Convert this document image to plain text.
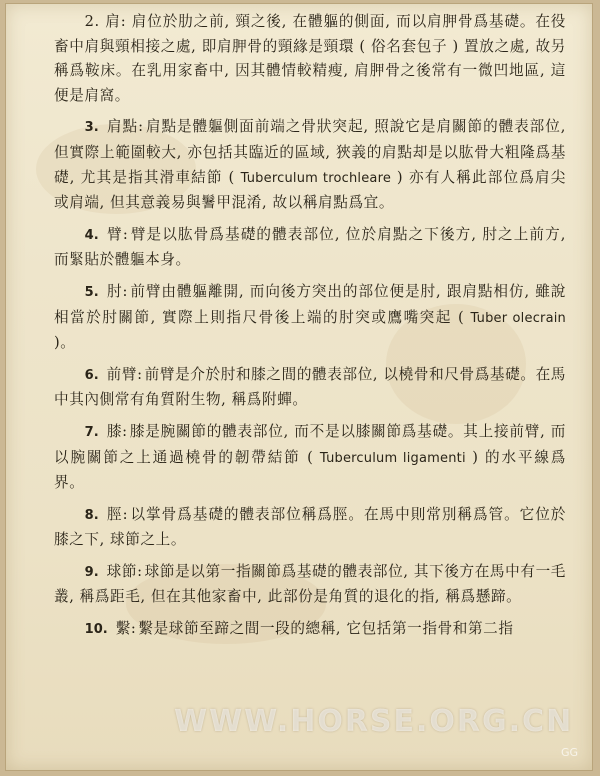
2. 肩: 肩位於肋之前, 頸之後, 在體軀的側面, 而以肩胛骨爲基礎。在役畜中肩與頸相接之處, 即肩胛骨的頸緣是頸環 ( 俗名套包子 ) 置放之處, 故另稱爲鞍床。在乳用家畜中, 因其體情較精瘦, 肩胛骨之後常有一微凹地區, 這便是肩窩。

3. 肩點: 肩點是體軀側面前端之骨狀突起, 照說它是肩關節的體表部位, 但實際上範圍較大, 亦包括其臨近的區域, 狹義的肩點却是以肱骨大粗隆爲基礎, 尤其是指其滑車結節 ( Tuberculum trochleare ) 亦有人稱此部位爲肩尖或肩端, 但其意義易與鬐甲混淆, 故以稱肩點爲宜。

4. 臂: 臂是以肱骨爲基礎的體表部位, 位於肩點之下後方, 肘之上前方, 而緊貼於體軀本身。

5. 肘: 前臂由體軀離開, 而向後方突出的部位便是肘, 跟肩點相仿, 雖說相當於肘關節, 實際上則指尺骨後上端的肘突或鷹嘴突起 ( Tuber olecrain )。

6. 前臂: 前臂是介於肘和膝之間的體表部位, 以橈骨和尺骨爲基礎。在馬中其內側常有角質附生物, 稱爲附蟬。

7. 膝: 膝是腕關節的體表部位, 而不是以膝關節爲基礎。其上接前臂, 而以腕關節之上通過橈骨的韌帶結節 ( Tuberculum ligamenti ) 的水平線爲界。

8. 脛: 以掌骨爲基礎的體表部位稱爲脛。在馬中則常別稱爲管。它位於膝之下, 球節之上。

9. 球節: 球節是以第一指關節爲基礎的體表部位, 其下後方在馬中有一毛叢, 稱爲距毛, 但在其他家畜中, 此部份是角質的退化的指, 稱爲懸蹄。

10. 繫: 繫是球節至蹄之間一段的總稱, 它包括第一指骨和第二指

WWW.HORSE.ORG.CN
GG
